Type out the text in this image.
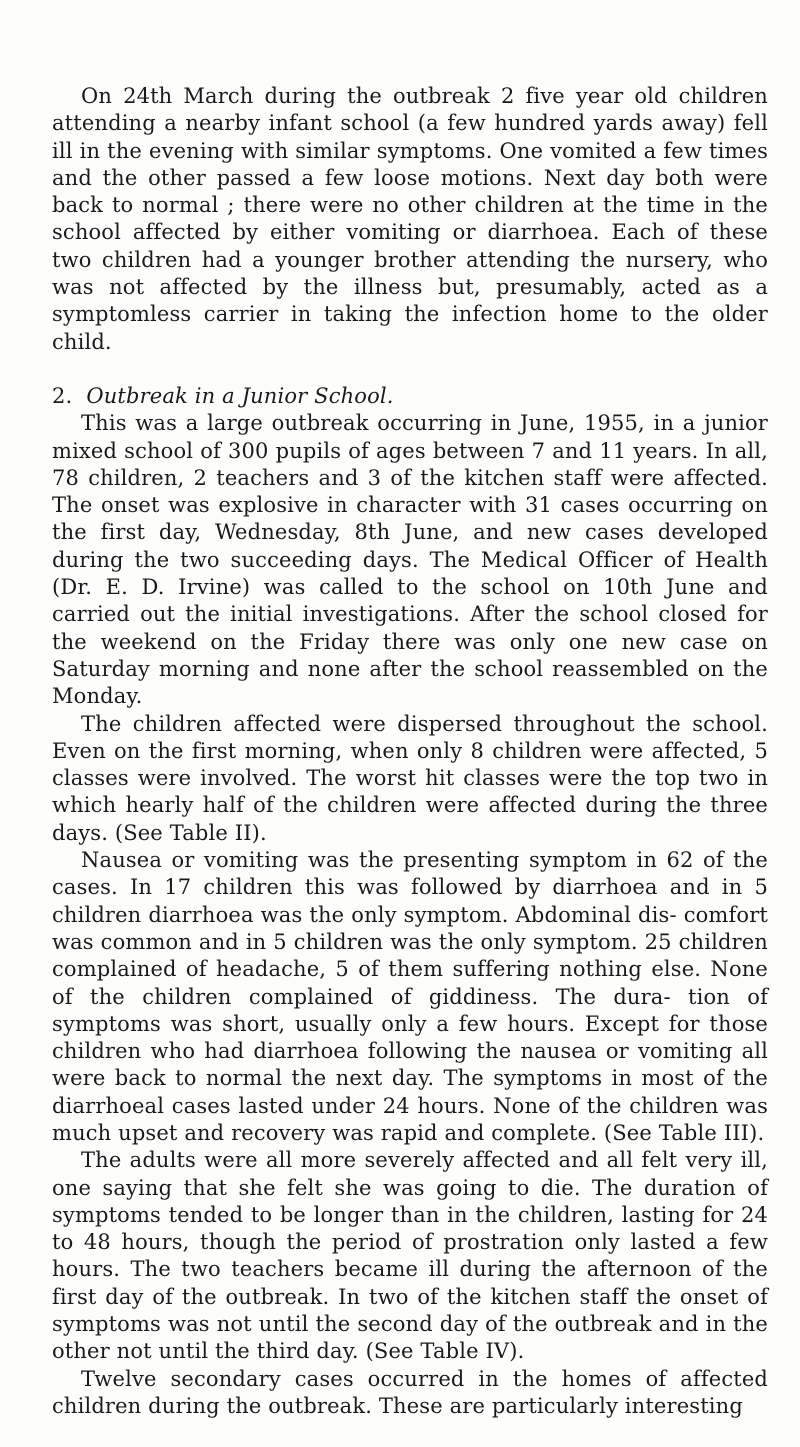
On 24th March during the outbreak 2 five year old children attending a nearby infant school (a few hundred yards away) fell ill in the evening with similar symptoms. One vomited a few times and the other passed a few loose motions. Next day both were back to normal ; there were no other children at the time in the school affected by either vomiting or diarrhoea. Each of these two children had a younger brother attending the nursery, who was not affected by the illness but, presumably, acted as a symptomless carrier in taking the infection home to the older child.

2. Outbreak in a Junior School.

This was a large outbreak occurring in June, 1955, in a junior mixed school of 300 pupils of ages between 7 and 11 years. In all, 78 children, 2 teachers and 3 of the kitchen staff were affected. The onset was explosive in character with 31 cases occurring on the first day, Wednesday, 8th June, and new cases developed during the two succeeding days. The Medical Officer of Health (Dr. E. D. Irvine) was called to the school on 10th June and carried out the initial investigations. After the school closed for the weekend on the Friday there was only one new case on Saturday morning and none after the school reassembled on the Monday.

The children affected were dispersed throughout the school. Even on the first morning, when only 8 children were affected, 5 classes were involved. The worst hit classes were the top two in which hearly half of the children were affected during the three days. (See Table II).

Nausea or vomiting was the presenting symptom in 62 of the cases. In 17 children this was followed by diarrhoea and in 5 children diarrhoea was the only symptom. Abdominal dis- comfort was common and in 5 children was the only symptom. 25 children complained of headache, 5 of them suffering nothing else. None of the children complained of giddiness. The dura- tion of symptoms was short, usually only a few hours. Except for those children who had diarrhoea following the nausea or vomiting all were back to normal the next day. The symptoms in most of the diarrhoeal cases lasted under 24 hours. None of the children was much upset and recovery was rapid and complete. (See Table III).

The adults were all more severely affected and all felt very ill, one saying that she felt she was going to die. The duration of symptoms tended to be longer than in the children, lasting for 24 to 48 hours, though the period of prostration only lasted a few hours. The two teachers became ill during the afternoon of the first day of the outbreak. In two of the kitchen staff the onset of symptoms was not until the second day of the outbreak and in the other not until the third day. (See Table IV).

Twelve secondary cases occurred in the homes of affected children during the outbreak. These are particularly interesting
